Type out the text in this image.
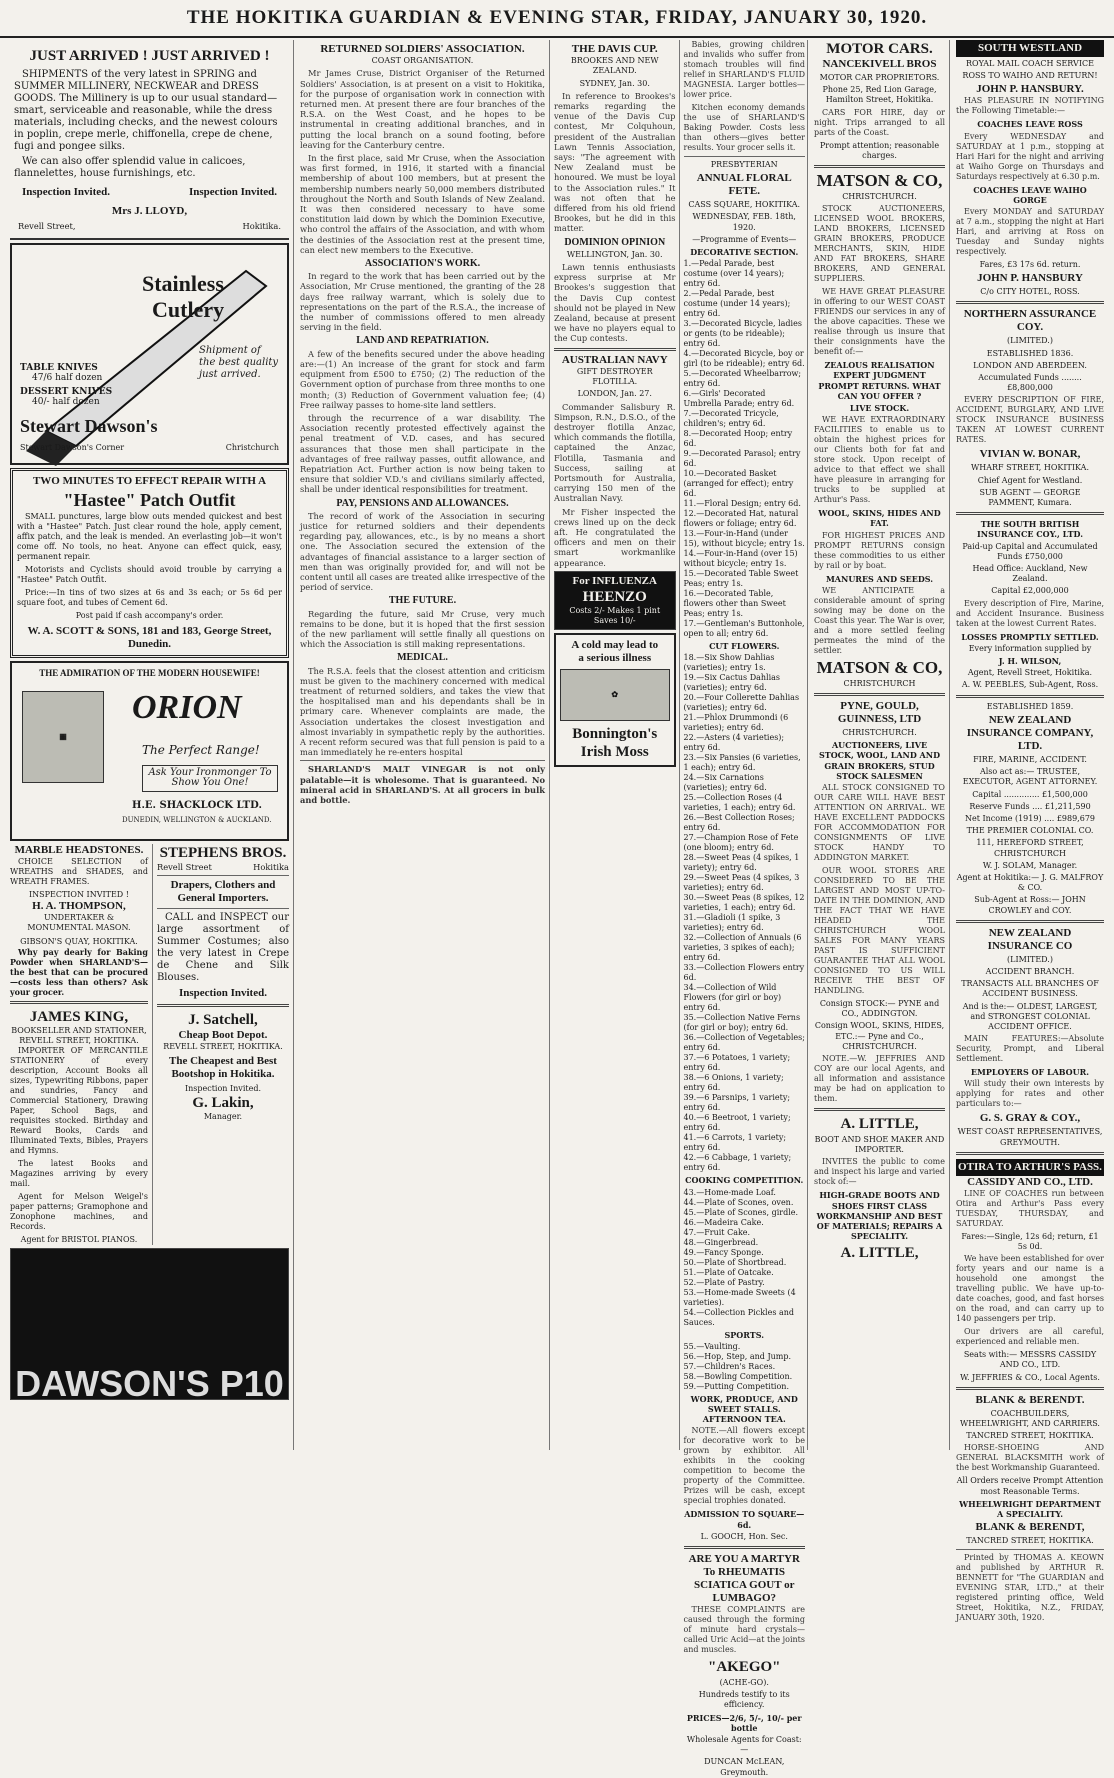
THE HOKITIKA GUARDIAN & EVENING STAR, FRIDAY, JANUARY 30, 1920.
JUST ARRIVED ! JUST ARRIVED !

SHIPMENTS of the very latest in SPRING and SUMMER MILLINERY, NECKWEAR and DRESS GOODS. The Millinery is up to our usual standard—smart, serviceable and reasonable, while the dress materials, including checks, and the newest colours in poplin, crepe merle, chiffonella, crepe de chene, fugi and pongee silks.

We can also offer splendid value in calicoes, flannelettes, house furnishings, etc.

Inspection Invited.	Inspection Invited.
Mrs J. LLOYD,
Revell Street,	Hokitika.
Stainless
Cutlery
Shipment of the best quality just arrived.
TABLE KNIVES
47/6 half dozen
DESSERT KNIVES
40/- half dozen
Stewart Dawson's
Stewart Dawson's Corner	Christchurch
TWO MINUTES TO EFFECT REPAIR WITH A
"Hastee" Patch Outfit

SMALL punctures, large blow outs mended quickest and best with a "Hastee" Patch. Just clear round the hole, apply cement, affix patch, and the leak is mended. An everlasting job—it won't come off. No tools, no heat. Anyone can effect quick, easy, permanent repair.

Motorists and Cyclists should avoid trouble by carrying a "Hastee" Patch Outfit.

Price:—In tins of two sizes at 6s and 3s each; or 5s 6d per square foot, and tubes of Cement 6d.

Post paid if cash accompany's order.
W. A. SCOTT & SONS, 181 and 183, George Street, Dunedin.
THE ADMIRATION OF THE MODERN HOUSEWIFE!
▦
ORION
The Perfect Range!
Ask Your Ironmonger To Show You One!
H.E. SHACKLOCK LTD.
DUNEDIN, WELLINGTON & AUCKLAND.
MARBLE HEADSTONES.

CHOICE SELECTION of WREATHS and SHADES, and WREATH FRAMES.

INSPECTION INVITED !
H. A. THOMPSON,
UNDERTAKER & MONUMENTAL MASON.
GIBSON'S QUAY, HOKITIKA.

Why pay dearly for Baking Powder when SHARLAND'S—the best that can be procured—costs less than others? Ask your grocer.

JAMES KING,
BOOKSELLER AND STATIONER, REVELL STREET, HOKITIKA.

IMPORTER OF MERCANTILE STATIONERY of every description, Account Books all sizes, Typewriting Ribbons, paper and sundries, Fancy and Commercial Stationery, Drawing Paper, School Bags, and requisites stocked. Birthday and Reward Books, Cards and Illuminated Texts, Bibles, Prayers and Hymns.

The latest Books and Magazines arriving by every mail.

Agent for Melson Weigel's paper patterns; Gramophone and Zonophone machines, and Records.

Agent for BRISTOL PIANOS.
STEPHENS BROS.
Revell Street	Hokitika
Drapers, Clothers and General Importers.

CALL and INSPECT our large assortment of Summer Costumes; also the very latest in Crepe de Chene and Silk Blouses.

Inspection Invited.
J. Satchell,
Cheap Boot Depot.
REVELL STREET, HOKITIKA.
The Cheapest and Best Bootshop in Hokitika.
Inspection Invited.
G. Lakin,
Manager.
DAWSON'S P10
RETURNED SOLDIERS' ASSOCIATION.
COAST ORGANISATION.

Mr James Cruse, District Organiser of the Returned Soldiers' Association, is at present on a visit to Hokitika, for the purpose of organisation work in connection with returned men. At present there are four branches of the R.S.A. on the West Coast, and he hopes to be instrumental in creating additional branches, and in putting the local branch on a sound footing, before leaving for the Canterbury centre.

In the first place, said Mr Cruse, when the Association was first formed, in 1916, it started with a financial membership of about 100 members, but at present the membership numbers nearly 50,000 members distributed throughout the North and South Islands of New Zealand. It was then considered necessary to have some constitution laid down by which the Dominion Executive, who control the affairs of the Association, and with whom the destinies of the Association rest at the present time, can elect new members to the Executive.

ASSOCIATION'S WORK.

In regard to the work that has been carried out by the Association, Mr Cruse mentioned, the granting of the 28 days free railway warrant, which is solely due to representations on the part of the R.S.A., the increase of the number of commissions offered to men already serving in the field.

LAND AND REPATRIATION.

A few of the benefits secured under the above heading are:—(1) An increase of the grant for stock and farm equipment from £500 to £750; (2) The reduction of the Government option of purchase from three months to one month; (3) Reduction of Government valuation fee; (4) Free railway passes to home-site land settlers.

through the recurrence of a war disability. The Association recently protested effectively against the penal treatment of V.D. cases, and has secured assurances that those men shall participate in the advantages of free railway passes, outfit allowance, and Repatriation Act. Further action is now being taken to ensure that soldier V.D.'s and civilians similarly affected, shall be under identical responsibilities for treatment.

PAY, PENSIONS AND ALLOWANCES.

The record of work of the Association in securing justice for returned soldiers and their dependents regarding pay, allowances, etc., is by no means a short one. The Association secured the extension of the advantages of financial assistance to a larger section of men than was originally provided for, and will not be content until all cases are treated alike irrespective of the period of service.

THE FUTURE.

Regarding the future, said Mr Cruse, very much remains to be done, but it is hoped that the first session of the new parliament will settle finally all questions on which the Association is still making representations.

MEDICAL.

The R.S.A. feels that the closest attention and criticism must be given to the machinery concerned with medical treatment of returned soldiers, and takes the view that the hospitalised man and his dependants shall be in primary care. Whenever complaints are made, the Association undertakes the closest investigation and almost invariably in sympathetic reply by the authorities. A recent reform secured was that full pension is paid to a man immediately he re-enters hospital

SHARLAND'S MALT VINEGAR is not only palatable—it is wholesome. That is guaranteed. No mineral acid in SHARLAND'S. At all grocers in bulk and bottle.

THE DAVIS CUP.
BROOKES AND NEW ZEALAND.
SYDNEY, Jan. 30.

In reference to Brookes's remarks regarding the venue of the Davis Cup contest, Mr Colquhoun, president of the Australian Lawn Tennis Association, says: "The agreement with New Zealand must be honoured. We must be loyal to the Association rules." It was not often that he differed from his old friend Brookes, but he did in this matter.

DOMINION OPINION
WELLINGTON, Jan. 30.

Lawn tennis enthusiasts express surprise at Mr Brookes's suggestion that the Davis Cup contest should not be played in New Zealand, because at present we have no players equal to the Cup contests.

AUSTRALIAN NAVY
GIFT DESTROYER FLOTILLA.
LONDON, Jan. 27.

Commander Salisbury R. Simpson, R.N., D.S.O., of the destroyer flotilla Anzac, which commands the flotilla, captained the Anzac, Flotilla, Tasmania and Success, sailing at Portsmouth for Australia, carrying 150 men of the Australian Navy.

Mr Fisher inspected the crews lined up on the deck aft. He congratulated the officers and men on their smart workmanlike appearance.

For INFLUENZA
HEENZO
Costs 2/- Makes 1 pint Saves 10/-
A cold may lead to
a serious illness
✿
Bonnington's Irish Moss

Babies, growing children and invalids who suffer from stomach troubles will find relief in SHARLAND'S FLUID MAGNESIA. Larger bottles—lower price.

Kitchen economy demands the use of SHARLAND'S Baking Powder. Costs less than others—gives better results. Your grocer sells it.

PRESBYTERIAN
ANNUAL FLORAL FETE.
CASS SQUARE, HOKITIKA.
WEDNESDAY, FEB. 18th, 1920.
—Programme of Events—
DECORATIVE SECTION.
1.—Pedal Parade, best costume (over 14 years); entry 6d.
2.—Pedal Parade, best costume (under 14 years); entry 6d.
3.—Decorated Bicycle, ladies or gents (to be rideable); entry 6d.
4.—Decorated Bicycle, boy or girl (to be rideable); entry 6d.
5.—Decorated Wheelbarrow; entry 6d.
6.—Girls' Decorated Umbrella Parade; entry 6d.
7.—Decorated Tricycle, children's; entry 6d.
8.—Decorated Hoop; entry 6d.
9.—Decorated Parasol; entry 6d.
10.—Decorated Basket (arranged for effect); entry 6d.
11.—Floral Design; entry 6d.
12.—Decorated Hat, natural flowers or foliage; entry 6d.
13.—Four-in-Hand (under 15), without bicycle; entry 1s.
14.—Four-in-Hand (over 15) without bicycle; entry 1s.
15.—Decorated Table Sweet Peas; entry 1s.
16.—Decorated Table, flowers other than Sweet Peas; entry 1s.
17.—Gentleman's Buttonhole, open to all; entry 6d.
CUT FLOWERS.
18.—Six Show Dahlias (varieties); entry 1s.
19.—Six Cactus Dahlias (varieties); entry 6d.
20.—Four Collerette Dahlias (varieties); entry 6d.
21.—Phlox Drummondi (6 varieties); entry 6d.
22.—Asters (4 varieties); entry 6d.
23.—Six Pansies (6 varieties, 1 each); entry 6d.
24.—Six Carnations (varieties); entry 6d.
25.—Collection Roses (4 varieties, 1 each); entry 6d.
26.—Best Collection Roses; entry 6d.
27.—Champion Rose of Fete (one bloom); entry 6d.
28.—Sweet Peas (4 spikes, 1 variety); entry 6d.
29.—Sweet Peas (4 spikes, 3 varieties); entry 6d.
30.—Sweet Peas (8 spikes, 12 varieties, 1 each); entry 6d.
31.—Gladioli (1 spike, 3 varieties); entry 6d.
32.—Collection of Annuals (6 varieties, 3 spikes of each); entry 6d.
33.—Collection Flowers entry 6d.
34.—Collection of Wild Flowers (for girl or boy) entry 6d.
35.—Collection Native Ferns (for girl or boy); entry 6d.
36.—Collection of Vegetables; entry 6d.
37.—6 Potatoes, 1 variety; entry 6d.
38.—6 Onions, 1 variety; entry 6d.
39.—6 Parsnips, 1 variety; entry 6d.
40.—6 Beetroot, 1 variety; entry 6d.
41.—6 Carrots, 1 variety; entry 6d.
42.—6 Cabbage, 1 variety; entry 6d.
COOKING COMPETITION.
43.—Home-made Loaf.
44.—Plate of Scones, oven.
45.—Plate of Scones, girdle.
46.—Madeira Cake.
47.—Fruit Cake.
48.—Gingerbread.
49.—Fancy Sponge.
50.—Plate of Shortbread.
51.—Plate of Oatcake.
52.—Plate of Pastry.
53.—Home-made Sweets (4 varieties).
54.—Collection Pickles and Sauces.
SPORTS.
55.—Vaulting.
56.—Hop, Step, and Jump.
57.—Children's Races.
58.—Bowling Competition.
59.—Putting Competition.
WORK, PRODUCE, AND SWEET STALLS. AFTERNOON TEA.

NOTE.—All flowers except for decorative work to be grown by exhibitor. All exhibits in the cooking competition to become the property of the Committee. Prizes will be cash, except special trophies donated.

ADMISSION TO SQUARE—6d.
L. GOOCH, Hon. Sec.
ARE YOU A MARTYR To RHEUMATIS SCIATICA GOUT or LUMBAGO?

THESE COMPLAINTS are caused through the forming of minute hard crystals—called Uric Acid—at the joints and muscles.

"AKEGO"
(ACHE-GO).
Hundreds testify to its efficiency.
PRICES—2/6, 5/-, 10/- per bottle
Wholesale Agents for Coast:—
DUNCAN McLEAN, Greymouth.
MOTOR CARS.
NANCEKIVELL BROS
MOTOR CAR PROPRIETORS.
Phone 25, Red Lion Garage, Hamilton Street, Hokitika.

CARS FOR HIRE, day or night. Trips arranged to all parts of the Coast.

Prompt attention; reasonable charges.
MATSON & CO,
CHRISTCHURCH.

STOCK AUCTIONEERS, LICENSED WOOL BROKERS, LAND BROKERS, LICENSED GRAIN BROKERS, PRODUCE MERCHANTS, SKIN, HIDE AND FAT BROKERS, SHARE BROKERS, AND GENERAL SUPPLIERS.

WE HAVE GREAT PLEASURE in offering to our WEST COAST FRIENDS our services in any of the above capacities. These we realise through us insure that their consignments have the benefit of:—

ZEALOUS REALISATION EXPERT JUDGMENT PROMPT RETURNS. WHAT CAN YOU OFFER ?
LIVE STOCK.

WE HAVE EXTRAORDINARY FACILITIES to enable us to obtain the highest prices for our Clients both for fat and store stock. Upon receipt of advice to that effect we shall have pleasure in arranging for trucks to be supplied at Arthur's Pass.

WOOL, SKINS, HIDES AND FAT.

FOR HIGHEST PRICES AND PROMPT RETURNS consign these commodities to us either by rail or by boat.

MANURES AND SEEDS.

WE ANTICIPATE a considerable amount of spring sowing may be done on the Coast this year. The War is over, and a more settled feeling permeates the mind of the settler.

MATSON & CO,
CHRISTCHURCH
PYNE, GOULD, GUINNESS, LTD
CHRISTCHURCH.
AUCTIONEERS, LIVE STOCK, WOOL, LAND AND GRAIN BROKERS, STUD STOCK SALESMEN

ALL STOCK CONSIGNED TO OUR CARE WILL HAVE BEST ATTENTION ON ARRIVAL. WE HAVE EXCELLENT PADDOCKS FOR ACCOMMODATION FOR CONSIGNMENTS OF LIVE STOCK HANDY TO ADDINGTON MARKET.

OUR WOOL STORES ARE CONSIDERED TO BE THE LARGEST AND MOST UP-TO-DATE IN THE DOMINION, AND THE FACT THAT WE HAVE HEADED THE CHRISTCHURCH WOOL SALES FOR MANY YEARS PAST IS SUFFICIENT GUARANTEE THAT ALL WOOL CONSIGNED TO US WILL RECEIVE THE BEST OF HANDLING.

Consign STOCK:— PYNE and CO., ADDINGTON.
Consign WOOL, SKINS, HIDES, ETC.:— Pyne and Co., CHRISTCHURCH.

NOTE.—W. JEFFRIES AND COY are our local Agents, and all information and assistance may be had on application to them.

A. LITTLE,
BOOT AND SHOE MAKER AND IMPORTER.

INVITES the public to come and inspect his large and varied stock of:—

HIGH-GRADE BOOTS AND SHOES FIRST CLASS WORKMANSHIP AND BEST OF MATERIALS; REPAIRS A SPECIALITY.
A. LITTLE,
SOUTH WESTLAND
ROYAL MAIL COACH SERVICE
ROSS TO WAIHO AND RETURN!
JOHN P. HANSBURY.

HAS PLEASURE IN NOTIFYING the Following Timetable:—

COACHES LEAVE ROSS

Every WEDNESDAY and SATURDAY at 1 p.m., stopping at Hari Hari for the night and arriving at Waiho Gorge on Thursdays and Saturdays respectively at 6.30 p.m.

COACHES LEAVE WAIHO GORGE

Every MONDAY and SATURDAY at 7 a.m., stopping the night at Hari Hari, and arriving at Ross on Tuesday and Sunday nights respectively.

Fares, £3 17s 6d. return.
JOHN P. HANSBURY
C/o CITY HOTEL, ROSS.
NORTHERN ASSURANCE COY.
(LIMITED.)
ESTABLISHED 1836.
LONDON AND ABERDEEN.
Accumulated Funds ........ £8,800,000

EVERY DESCRIPTION OF FIRE, ACCIDENT, BURGLARY, AND LIVE STOCK INSURANCE BUSINESS TAKEN AT LOWEST CURRENT RATES.

VIVIAN W. BONAR,
WHARF STREET, HOKITIKA.
Chief Agent for Westland.
SUB AGENT — GEORGE PAMMENT, Kumara.
THE SOUTH BRITISH INSURANCE COY., LTD.
Paid-up Capital and Accumulated Funds £750,000
Head Office: Auckland, New Zealand.
Capital £2,000,000

Every description of Fire, Marine, and Accident Insurance. Business taken at the lowest Current Rates.

LOSSES PROMPTLY SETTLED.
Every information supplied by
J. H. WILSON,
Agent, Revell Street, Hokitika.
A. W. PEEBLES, Sub-Agent, Ross.
ESTABLISHED 1859.
NEW ZEALAND INSURANCE COMPANY, LTD.
FIRE, MARINE, ACCIDENT.
Also act as:— TRUSTEE, EXECUTOR, AGENT ATTORNEY.
Capital .............. £1,500,000
Reserve Funds .... £1,211,590
Net Income (1919) .... £989,679
THE PREMIER COLONIAL CO.
111, HEREFORD STREET, CHRISTCHURCH
W. J. SOLAM, Manager.
Agent at Hokitika:— J. G. MALFROY & CO.
Sub-Agent at Ross:— JOHN CROWLEY and COY.
NEW ZEALAND INSURANCE CO
(LIMITED.)
ACCIDENT BRANCH.
TRANSACTS ALL BRANCHES OF ACCIDENT BUSINESS.
And is the:— OLDEST, LARGEST, and STRONGEST COLONIAL ACCIDENT OFFICE.

MAIN FEATURES:—Absolute Security, Prompt, and Liberal Settlement.

EMPLOYERS OF LABOUR.

Will study their own interests by applying for rates and other particulars to:—

G. S. GRAY & COY.,
WEST COAST REPRESENTATIVES, GREYMOUTH.
OTIRA TO ARTHUR'S PASS.
CASSIDY AND CO., LTD.

LINE OF COACHES run between Otira and Arthur's Pass every TUESDAY, THURSDAY, and SATURDAY.

Fares:—Single, 12s 6d; return, £1 5s 0d.

We have been established for over forty years and our name is a household one amongst the travelling public. We have up-to-date coaches, good, and fast horses on the road, and can carry up to 140 passengers per trip.

Our drivers are all careful, experienced and reliable men.

Seats with:— MESSRS CASSIDY AND CO., LTD.
W. JEFFRIES & CO., Local Agents.
BLANK & BERENDT.
COACHBUILDERS, WHEELWRIGHT, AND CARRIERS.
TANCRED STREET, HOKITIKA.

HORSE-SHOEING AND GENERAL BLACKSMITH work of the best Workmanship Guaranteed.

All Orders receive Prompt Attention most Reasonable Terms.
WHEELWRIGHT DEPARTMENT A SPECIALITY.
BLANK & BERENDT,
TANCRED STREET, HOKITIKA.

Printed by THOMAS A. KEOWN and published by ARTHUR R. BENNETT for "The GUARDIAN and EVENING STAR, LTD.," at their registered printing office, Weld Street, Hokitika, N.Z., FRIDAY, JANUARY 30th, 1920.
